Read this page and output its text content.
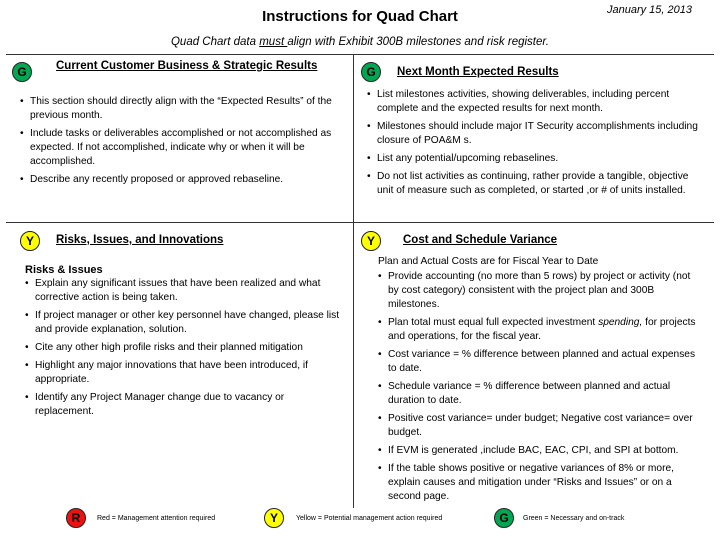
Instructions for Quad Chart	January 15, 2013
Quad Chart data must align with Exhibit 300B milestones and risk register.
G	Current Customer Business & Strategic Results
• This section should directly align with the “Expected Results” of the previous month.
• Include tasks or deliverables accomplished or not accomplished as expected. If not accomplished, indicate why or when it will be accomplished.
• Describe any recently proposed or approved rebaseline.
G	Next Month Expected Results
• List milestones activities, showing deliverables, including percent complete and the expected results for next month.
• Milestones should include major IT Security accomplishments including closure of POA&M s.
• List any potential/upcoming rebaselines.
• Do not list activities as continuing, rather provide a tangible, objective unit of measure such as completed, or started ,or # of units installed.
Y	Risks, Issues, and Innovations
Risks & Issues
• Explain any significant issues that have been realized and what corrective action is being taken.
• If project manager or other key personnel have changed, please list and provide explanation, solution.
• Cite any other high profile risks and their planned mitigation
• Highlight any major innovations that have been introduced, if appropriate.
• Identify any Project Manager change due to vacancy or replacement.
Y	Cost and Schedule Variance
Plan and Actual Costs are for Fiscal Year to Date
• Provide accounting (no more than 5 rows) by project or activity (not by cost category) consistent with the project plan and 300B milestones.
• Plan total must equal full expected investment spending, for projects and operations, for the fiscal year.
• Cost variance = % difference between planned and actual expenses to date.
• Schedule variance = % difference between planned and actual duration to date.
• Positive cost variance= under budget; Negative cost variance= over budget.
• If EVM is generated ,include BAC, EAC, CPI, and SPI at bottom.
• If the table shows positive or negative variances of 8% or more, explain causes and mitigation under “Risks and Issues” or on a second page.
R	Red = Management attention required	Y	Yellow = Potential management action required	G	Green = Necessary and on-track
